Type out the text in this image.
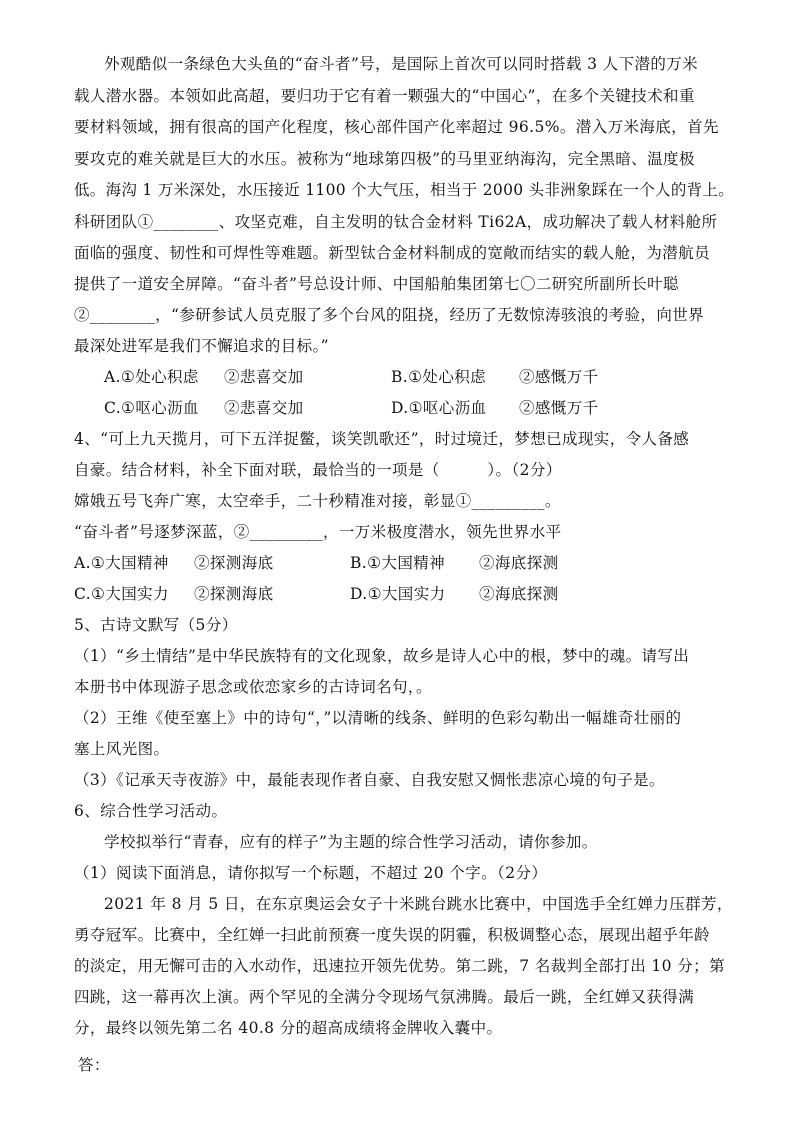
外观酷似一条绿色大头鱼的“奋斗者”号，是国际上首次可以同时搭载 3 人下潜的万米
载人潜水器。本领如此高超，要归功于它有着一颗强大的“中国心”，在多个关键技术和重
要材料领域，拥有很高的国产化程度，核心部件国产化率超过 96.5%。潜入万米海底，首先
要攻克的难关就是巨大的水压。被称为“地球第四极”的马里亚纳海沟，完全黑暗、温度极
低。海沟 1 万米深处，水压接近 1100 个大气压，相当于 2000 头非洲象踩在一个人的背上。
科研团队①________、攻坚克难，自主发明的钛合金材料 Ti62A，成功解决了载人材料舱所
面临的强度、韧性和可焊性等难题。新型钛合金材料制成的宽敞而结实的载人舱，为潜航员
提供了一道安全屏障。“奋斗者”号总设计师、中国船舶集团第七〇二研究所副所长叶聪
②________，“参研参试人员克服了多个台风的阻挠，经历了无数惊涛骇浪的考验，向世界
最深处进军是我们不懈追求的目标。”
A.①处心积虑 ②悲喜交加	B.①处心积虑 ②感慨万千
C.①呕心沥血 ②悲喜交加	D.①呕心沥血 ②感慨万千
4、“可上九天揽月，可下五洋捉鳖，谈笑凯歌还”，时过境迁，梦想已成现实，令人备感
自豪。结合材料，补全下面对联，最恰当的一项是（　　　）。（2分）
嫦娥五号飞奔广寒，太空牵手，二十秒精准对接，彰显①_________。
“奋斗者”号逐梦深蓝，②_________，一万米极度潜水，领先世界水平
A.①大国精神 ②探测海底	B.①大国精神 ②海底探测
C.①大国实力 ②探测海底	D.①大国实力 ②海底探测
5、古诗文默写（5分）
（1）“乡土情结”是中华民族特有的文化现象，故乡是诗人心中的根，梦中的魂。请写出
本册书中体现游子思念或依恋家乡的古诗词名句，。
（2）王维《使至塞上》中的诗句“，”以清晰的线条、鲜明的色彩勾勒出一幅雄奇壮丽的
塞上风光图。
（3）《记承天寺夜游》中，最能表现作者自豪、自我安慰又惆怅悲凉心境的句子是。
6、综合性学习活动。
学校拟举行“青春，应有的样子”为主题的综合性学习活动，请你参加。
（1）阅读下面消息，请你拟写一个标题，不超过 20 个字。（2分）
2021 年 8 月 5 日，在东京奥运会女子十米跳台跳水比赛中，中国选手全红婵力压群芳，
勇夺冠军。比赛中，全红婵一扫此前预赛一度失误的阴霾，积极调整心态，展现出超乎年龄
的淡定，用无懈可击的入水动作，迅速拉开领先优势。第二跳，7 名裁判全部打出 10 分；第
四跳，这一幕再次上演。两个罕见的全满分令现场气氛沸腾。最后一跳，全红婵又获得满
分，最终以领先第二名 40.8 分的超高成绩将金牌收入囊中。
答：
